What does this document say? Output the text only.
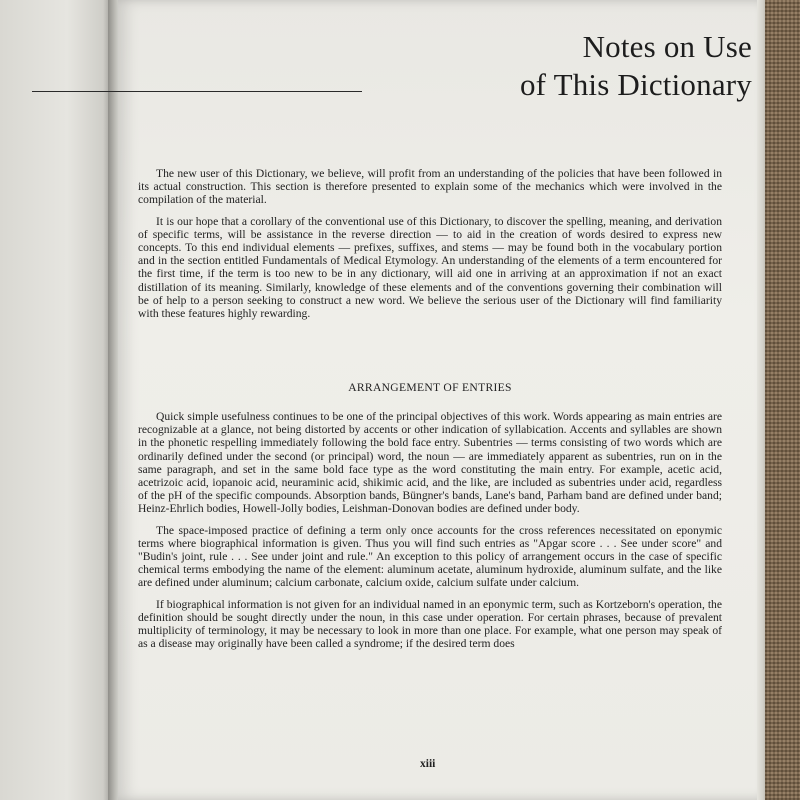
Notes on Use
of This Dictionary

The new user of this Dictionary, we believe, will profit from an understanding of the policies that have been followed in its actual construction. This section is therefore presented to explain some of the mechanics which were involved in the compilation of the material.

It is our hope that a corollary of the conventional use of this Dictionary, to discover the spelling, meaning, and derivation of specific terms, will be assistance in the reverse direction — to aid in the creation of words desired to express new concepts. To this end individual elements — prefixes, suffixes, and stems — may be found both in the vocabulary portion and in the section entitled Fundamentals of Medical Etymology. An understanding of the elements of a term encountered for the first time, if the term is too new to be in any dictionary, will aid one in arriving at an approximation if not an exact distillation of its meaning. Similarly, knowledge of these elements and of the conventions governing their combination will be of help to a person seeking to construct a new word. We believe the serious user of the Dictionary will find familiarity with these features highly rewarding.

ARRANGEMENT OF ENTRIES

Quick simple usefulness continues to be one of the principal objectives of this work. Words appearing as main entries are recognizable at a glance, not being distorted by accents or other indication of syllabication. Accents and syllables are shown in the phonetic respelling immediately following the bold face entry. Subentries — terms consisting of two words which are ordinarily defined under the second (or principal) word, the noun — are immediately apparent as subentries, run on in the same paragraph, and set in the same bold face type as the word constituting the main entry. For example, acetic acid, acetrizoic acid, iopanoic acid, neuraminic acid, shikimic acid, and the like, are included as subentries under acid, regardless of the pH of the specific compounds. Absorption bands, Büngner's bands, Lane's band, Parham band are defined under band; Heinz-Ehrlich bodies, Howell-Jolly bodies, Leishman-Donovan bodies are defined under body.

The space-imposed practice of defining a term only once accounts for the cross references necessitated on eponymic terms where biographical information is given. Thus you will find such entries as "Apgar score . . . See under score" and "Budin's joint, rule . . . See under joint and rule." An exception to this policy of arrangement occurs in the case of specific chemical terms embodying the name of the element: aluminum acetate, aluminum hydroxide, aluminum sulfate, and the like are defined under aluminum; calcium carbonate, calcium oxide, calcium sulfate under calcium.

If biographical information is not given for an individual named in an eponymic term, such as Kortzeborn's operation, the definition should be sought directly under the noun, in this case under operation. For certain phrases, because of prevalent multiplicity of terminology, it may be necessary to look in more than one place. For example, what one person may speak of as a disease may originally have been called a syndrome; if the desired term does

xiii
